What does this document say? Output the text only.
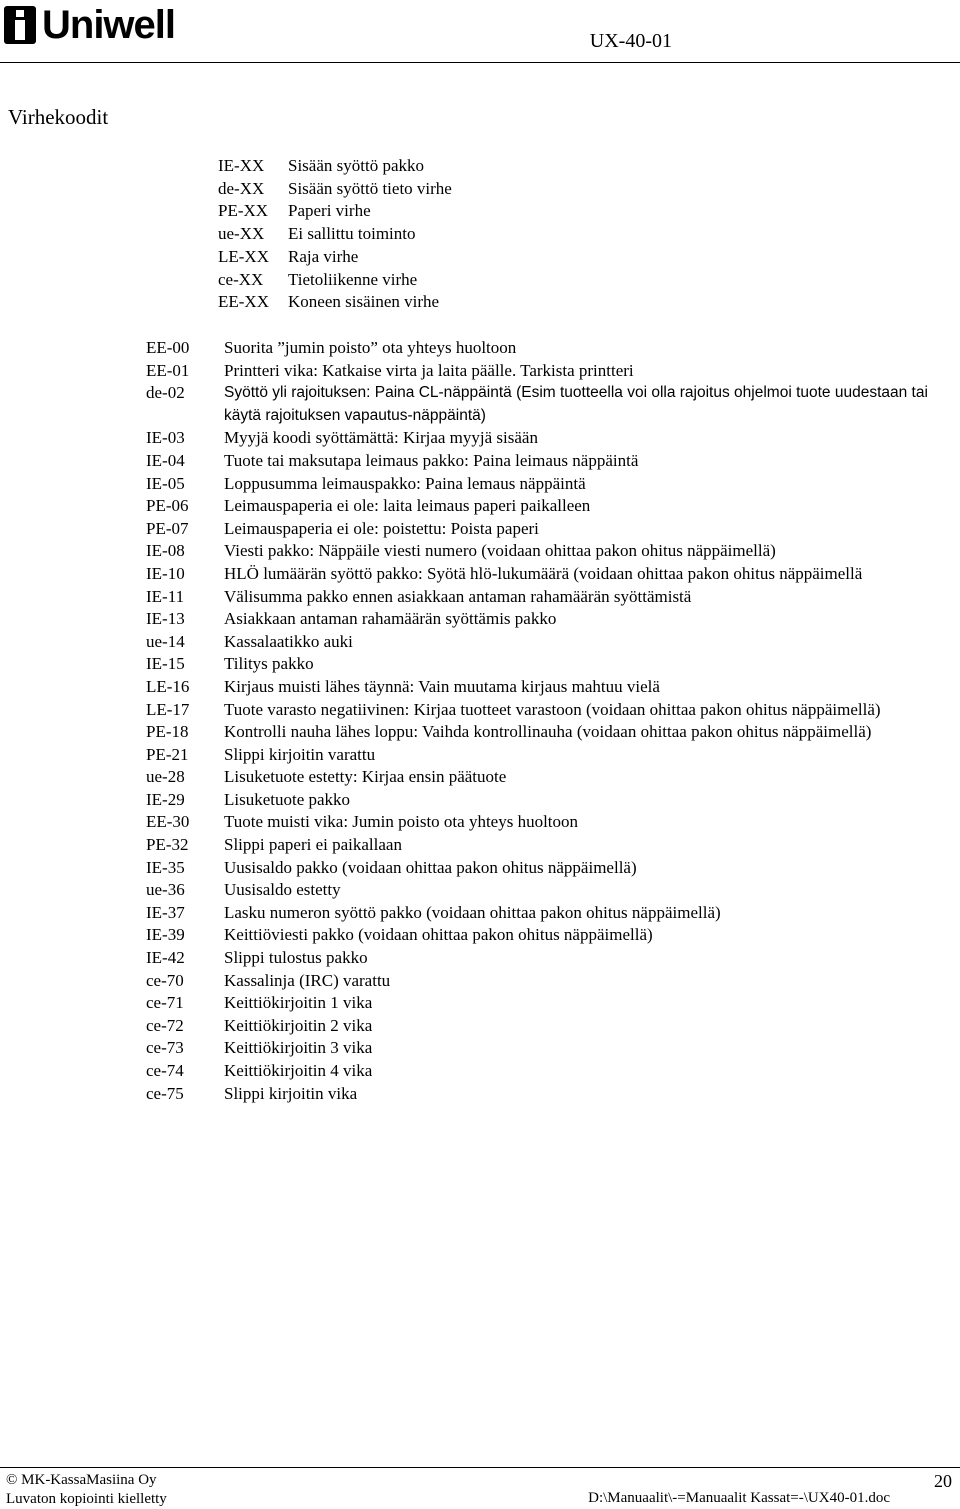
Uniwell	UX-40-01
Virhekoodit
IE-XX	Sisään syöttö pakko
de-XX	Sisään syöttö tieto virhe
PE-XX	Paperi virhe
ue-XX	Ei sallittu toiminto
LE-XX	Raja virhe
ce-XX	Tietoliikenne virhe
EE-XX	Koneen sisäinen virhe
EE-00	Suorita ”jumin poisto” ota yhteys huoltoon
EE-01	Printteri vika: Katkaise virta ja laita päälle. Tarkista printteri
de-02	Syöttö yli rajoituksen: Paina CL-näppäintä (Esim tuotteella voi olla rajoitus ohjelmoi tuote uudestaan tai käytä rajoituksen vapautus-näppäintä)
IE-03	Myyjä koodi syöttämättä: Kirjaa myyjä sisään
IE-04	Tuote tai maksutapa leimaus pakko: Paina leimaus näppäintä
IE-05	Loppusumma leimauspakko: Paina lemaus näppäintä
PE-06	Leimauspaperia ei ole: laita leimaus paperi paikalleen
PE-07	Leimauspaperia ei ole: poistettu: Poista paperi
IE-08	Viesti pakko: Näppäile viesti numero (voidaan ohittaa pakon ohitus näppäimellä)
IE-10	HLÖ lumäärän syöttö pakko: Syötä hlö-lukumäärä (voidaan ohittaa pakon ohitus näppäimellä
IE-11	Välisumma pakko ennen asiakkaan antaman rahamäärän syöttämistä
IE-13	Asiakkaan antaman rahamäärän syöttämis pakko
ue-14	Kassalaatikko auki
IE-15	Tilitys pakko
LE-16	Kirjaus muisti lähes täynnä: Vain muutama kirjaus mahtuu vielä
LE-17	Tuote varasto negatiivinen: Kirjaa tuotteet varastoon (voidaan ohittaa pakon ohitus näppäimellä)
PE-18	Kontrolli nauha lähes loppu: Vaihda kontrollinauha (voidaan ohittaa pakon ohitus näppäimellä)
PE-21	Slippi kirjoitin varattu
ue-28	Lisuketuote estetty: Kirjaa ensin päätuote
IE-29	Lisuketuote pakko
EE-30	Tuote muisti vika: Jumin poisto ota yhteys huoltoon
PE-32	Slippi paperi ei paikallaan
IE-35	Uusisaldo pakko (voidaan ohittaa pakon ohitus näppäimellä)
ue-36	Uusisaldo estetty
IE-37	Lasku numeron syöttö pakko (voidaan ohittaa pakon ohitus näppäimellä)
IE-39	Keittiöviesti pakko (voidaan ohittaa pakon ohitus näppäimellä)
IE-42	Slippi tulostus pakko
ce-70	Kassalinja (IRC) varattu
ce-71	Keittiökirjoitin 1 vika
ce-72	Keittiökirjoitin 2 vika
ce-73	Keittiökirjoitin 3 vika
ce-74	Keittiökirjoitin 4 vika
ce-75	Slippi kirjoitin vika
© MK-KassaMasiina Oy
Luvaton kopiointi kielletty	D:\Manuaalit\-=Manuaalit Kassat=-\UX40-01.doc
20
